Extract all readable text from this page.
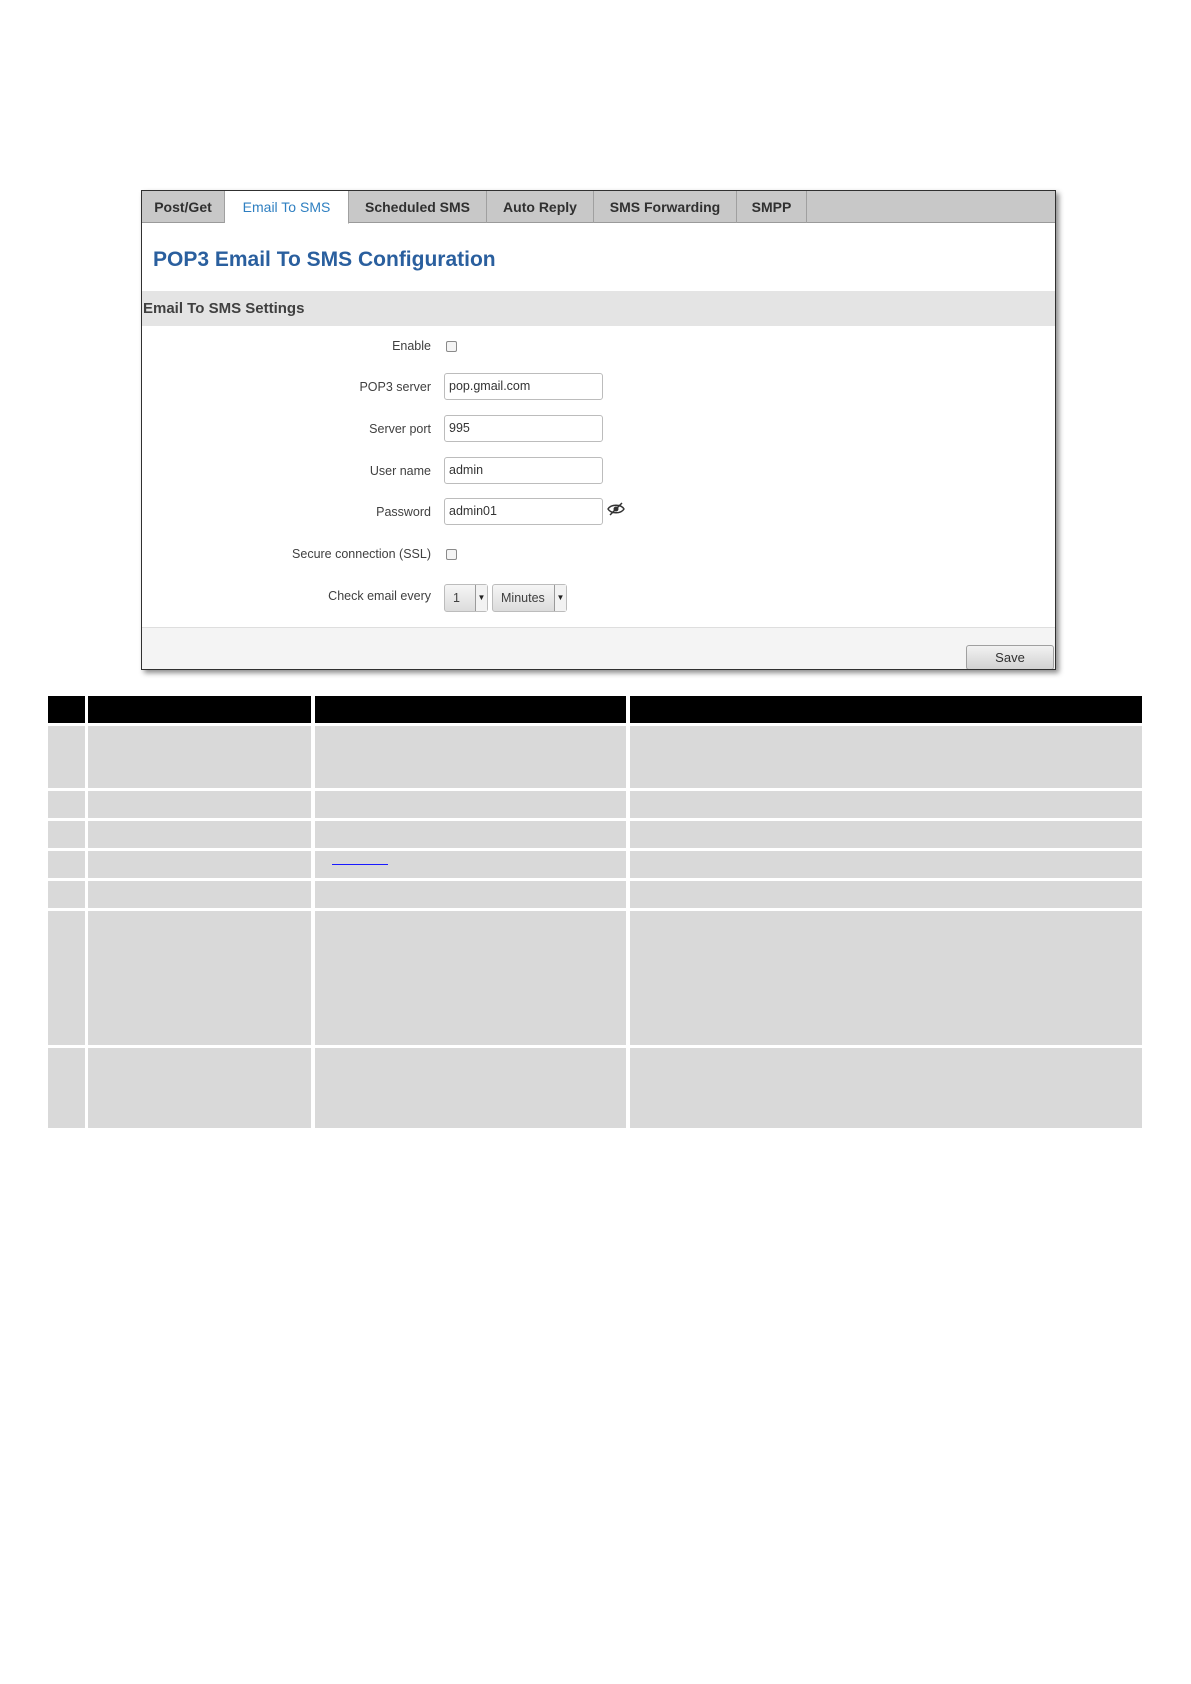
Post/Get	Email To SMS	Scheduled SMS	Auto Reply	SMS Forwarding	SMPP
POP3 Email To SMS Configuration
Email To SMS Settings
Enable
POP3 server	pop.gmail.com
Server port	995
User name	admin
Password	admin01
Secure connection (SSL)
Check email every	1	▼	Minutes	▼
Save
